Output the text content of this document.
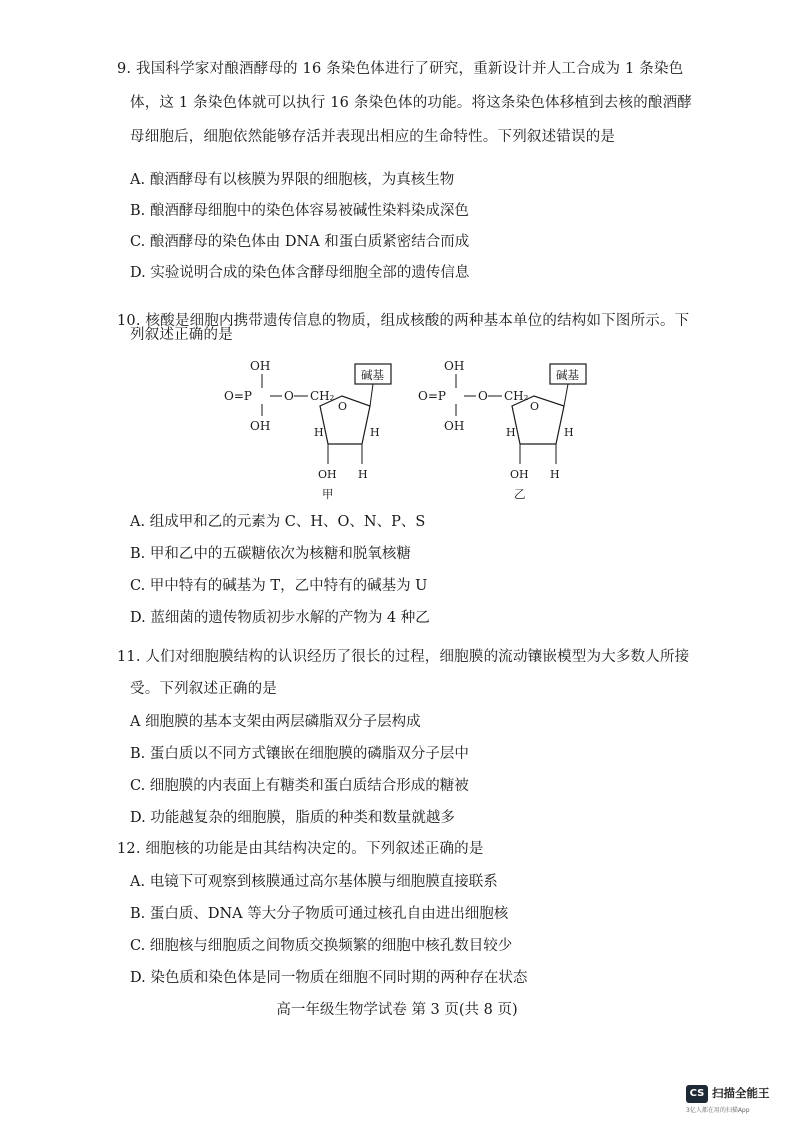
9. 我国科学家对酿酒酵母的 16 条染色体进行了研究，重新设计并人工合成为 1 条染色
体，这 1 条染色体就可以执行 16 条染色体的功能。将这条染色体移植到去核的酿酒酵
母细胞后，细胞依然能够存活并表现出相应的生命特性。下列叙述错误的是
A. 酿酒酵母有以核膜为界限的细胞核，为真核生物
B. 酿酒酵母细胞中的染色体容易被碱性染料染成深色
C. 酿酒酵母的染色体由 DNA 和蛋白质紧密结合而成
D. 实验说明合成的染色体含酵母细胞全部的遗传信息
10. 核酸是细胞内携带遗传信息的物质，组成核酸的两种基本单位的结构如下图所示。下
列叙述正确的是
OH
O=P	O CH₂
OH
O
碱基
H	H
OH H
甲
OH
O=P	O CH₂
OH
O
碱基
H	H
OH H
乙
A. 组成甲和乙的元素为 C、H、O、N、P、S
B. 甲和乙中的五碳糖依次为核糖和脱氧核糖
C. 甲中特有的碱基为 T，乙中特有的碱基为 U
D. 蓝细菌的遗传物质初步水解的产物为 4 种乙
11. 人们对细胞膜结构的认识经历了很长的过程，细胞膜的流动镶嵌模型为大多数人所接
受。下列叙述正确的是
A 细胞膜的基本支架由两层磷脂双分子层构成
B. 蛋白质以不同方式镶嵌在细胞膜的磷脂双分子层中
C. 细胞膜的内表面上有糖类和蛋白质结合形成的糖被
D. 功能越复杂的细胞膜，脂质的种类和数量就越多
12. 细胞核的功能是由其结构决定的。下列叙述正确的是
A. 电镜下可观察到核膜通过高尔基体膜与细胞膜直接联系
B. 蛋白质、DNA 等大分子物质可通过核孔自由进出细胞核
C. 细胞核与细胞质之间物质交换频繁的细胞中核孔数目较少
D. 染色质和染色体是同一物质在细胞不同时期的两种存在状态
高一年级生物学试卷 第 3 页(共 8 页)
CS 扫描全能王
3亿人都在用的扫描App
